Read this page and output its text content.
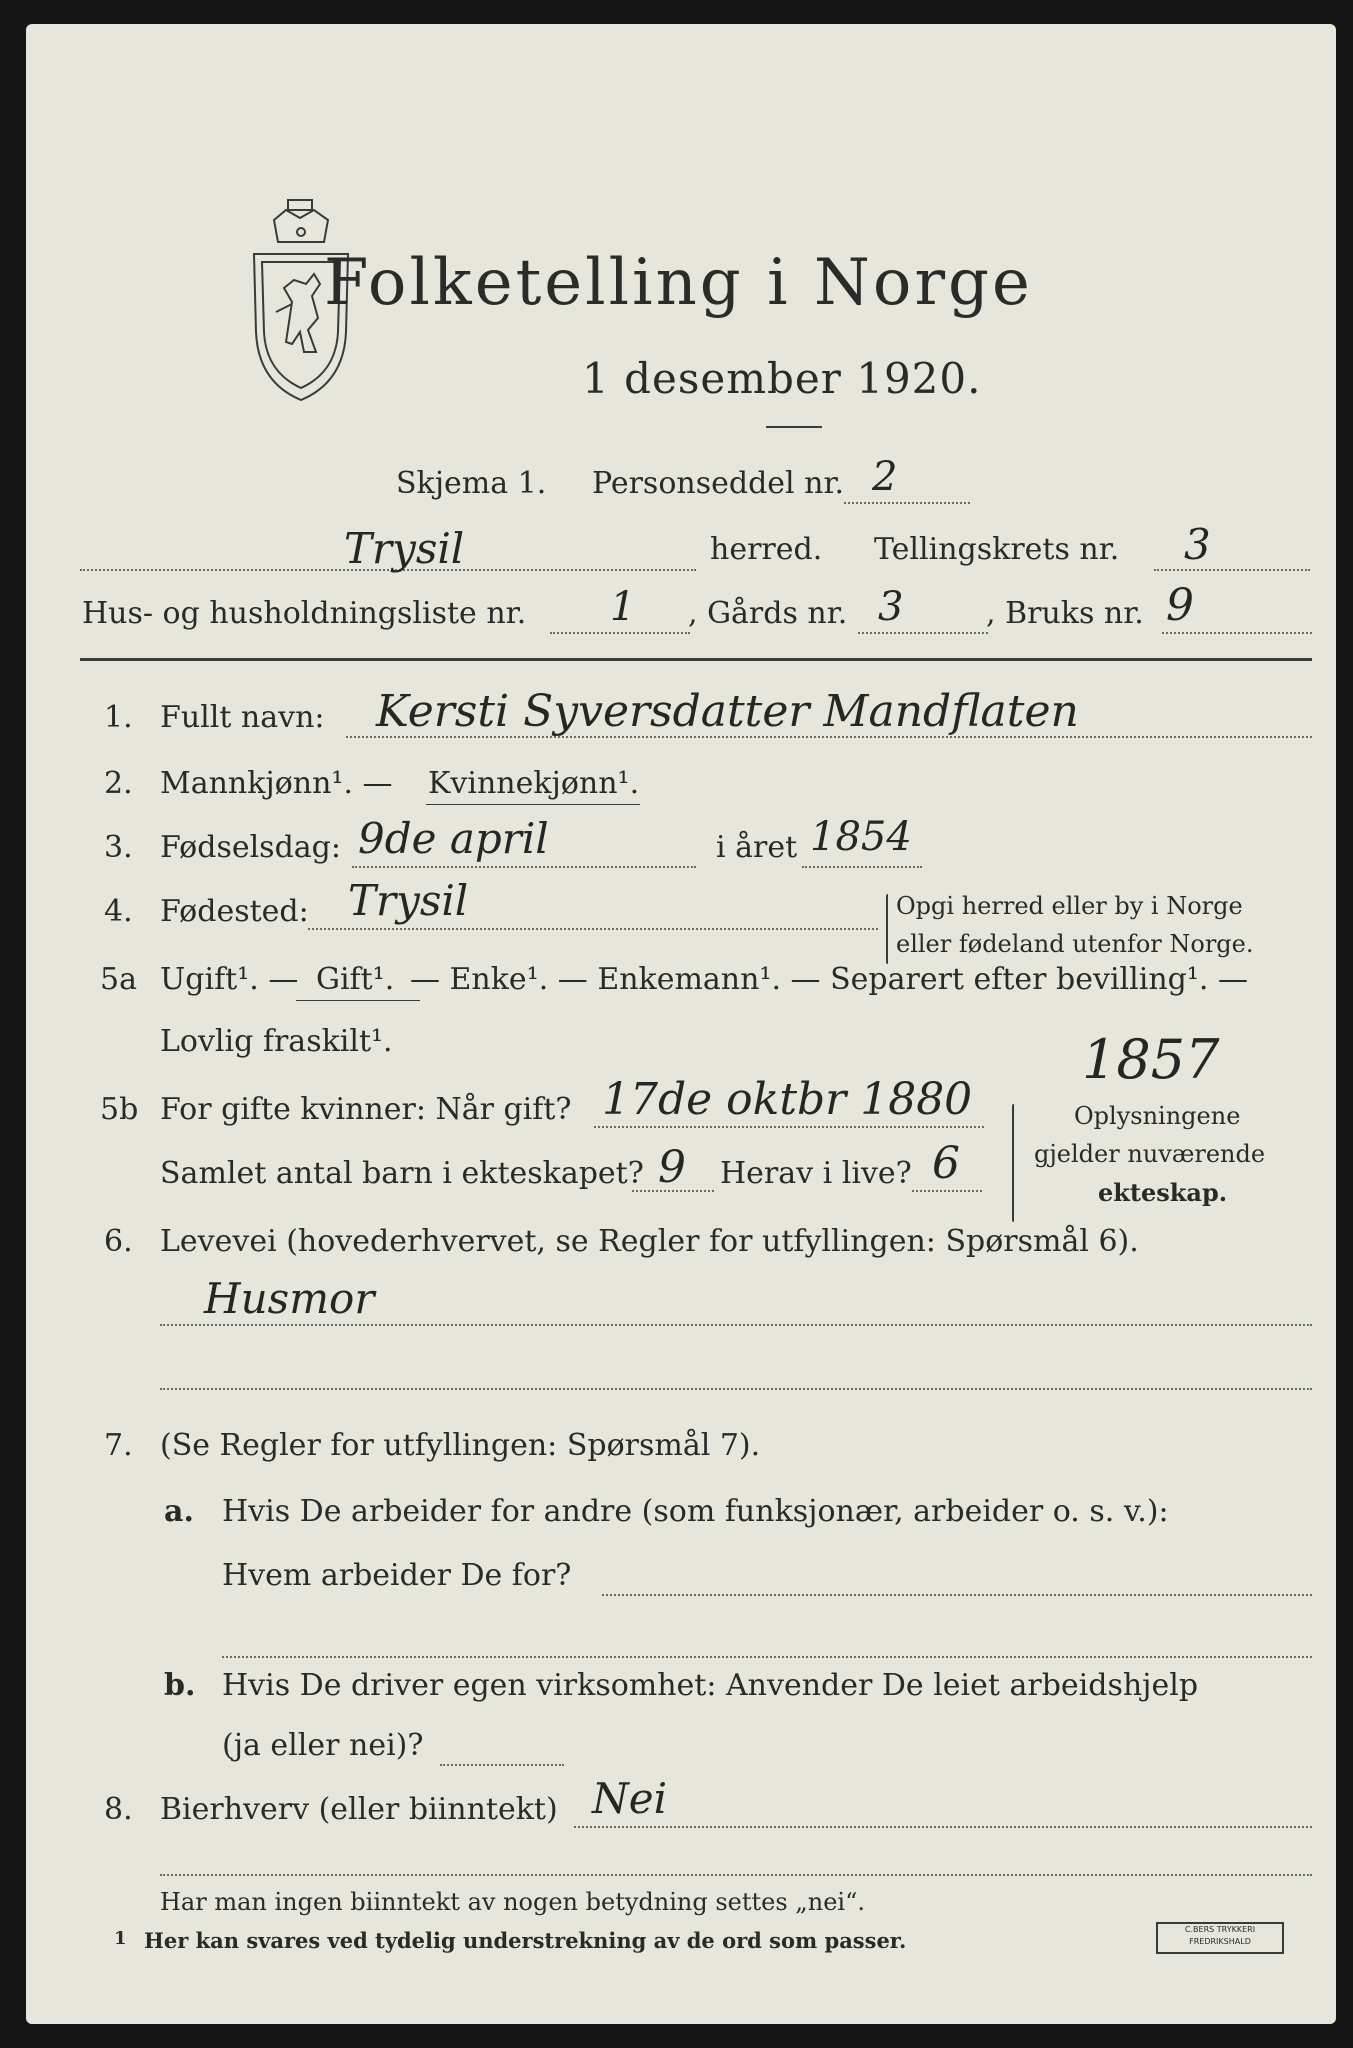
Folketelling i Norge
1 desember 1920.
Skjema 1. Personseddel nr. 2
Trysil	herred. Tellingskrets nr. 3
Hus- og husholdningsliste nr. 1 , Gårds nr. 3	, Bruks nr. 9
1. Fullt navn: Kersti Syversdatter Mandflaten
2. Mannkjønn¹. — Kvinnekjønn¹.
3. Fødselsdag: 9de april	i året 1854
4. Fødested: Trysil	Opgi herred eller by i Norge
eller fødeland utenfor Norge.
5a Ugift¹. — Gift¹. — Enke¹. — Enkemann¹. — Separert efter bevilling¹. —
Lovlig fraskilt¹.	1857
5b For gifte kvinner: Når gift? 17de oktbr 1880
Samlet antal barn i ekteskapet? 9 Herav i live? 6
Oplysningene
gjelder nuværende
ekteskap.
6. Levevei (hovederhvervet, se Regler for utfyllingen: Spørsmål 6).
Husmor
7. (Se Regler for utfyllingen: Spørsmål 7).
a. Hvis De arbeider for andre (som funksjonær, arbeider o. s. v.):
Hvem arbeider De for?
b. Hvis De driver egen virksomhet: Anvender De leiet arbeidshjelp
(ja eller nei)?
8. Bierhverv (eller biinntekt) Nei
Har man ingen biinntekt av nogen betydning settes „nei“.
1 Her kan svares ved tydelig understrekning av de ord som passer.	C.BERS TRYKKERI
FREDRIKSHALD
